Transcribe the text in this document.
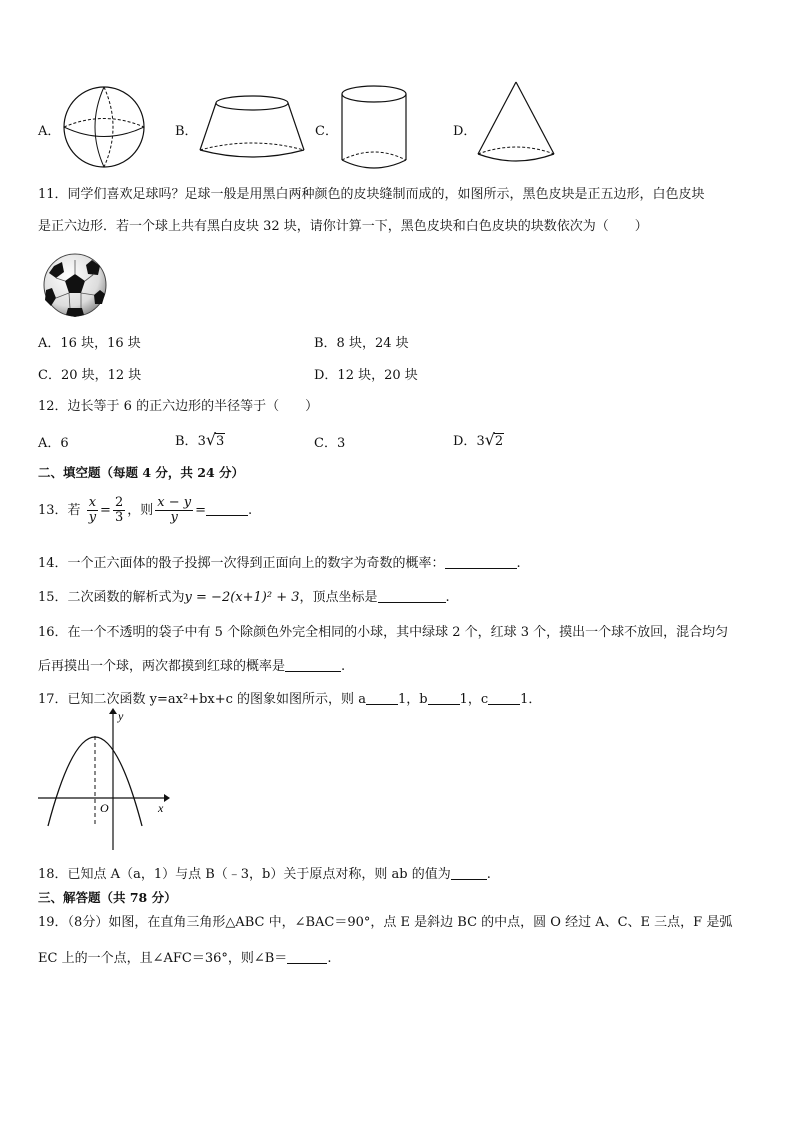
A．	B．	C．	D．
11．同学们喜欢足球吗？足球一般是用黑白两种颜色的皮块缝制而成的，如图所示，黑色皮块是正五边形，白色皮块
是正六边形．若一个球上共有黑白皮块 32 块，请你计算一下，黑色皮块和白色皮块的块数依次为（　　）
A．16 块，16 块	B．8 块，24 块
C．20 块，12 块	D．12 块，20 块
12．边长等于 6 的正六边形的半径等于（　　）
A．6	B．3√3	C．3	D．3√2
二、填空题（每题 4 分，共 24 分）
13．若 $\frac{x}{y} = \frac{2}{3}$ ，则 $\frac{x - y}{y}$ =	.
14．一个正六面体的骰子投掷一次得到正面向上的数字为奇数的概率：	.
15．二次函数的解析式为y = −2(x+1)² + 3，顶点坐标是	.
16．在一个不透明的袋子中有 5 个除颜色外完全相同的小球，其中绿球 2 个，红球 3 个，摸出一个球不放回，混合均匀
后再摸出一个球，两次都摸到红球的概率是	.
17．已知二次函数 y=ax²+bx+c 的图象如图所示，则 a 1，b 1，c 1．
y
x
O
18．已知点 A（a，1）与点 B（﹣3，b）关于原点对称，则 ab 的值为	.
三、解答题（共 78 分）
19．（8分）如图，在直角三角形△ABC 中，∠BAC＝90°，点 E 是斜边 BC 的中点，圆 O 经过 A、C、E 三点，F 是弧
EC 上的一个点，且∠AFC＝36°，则∠B＝	.
